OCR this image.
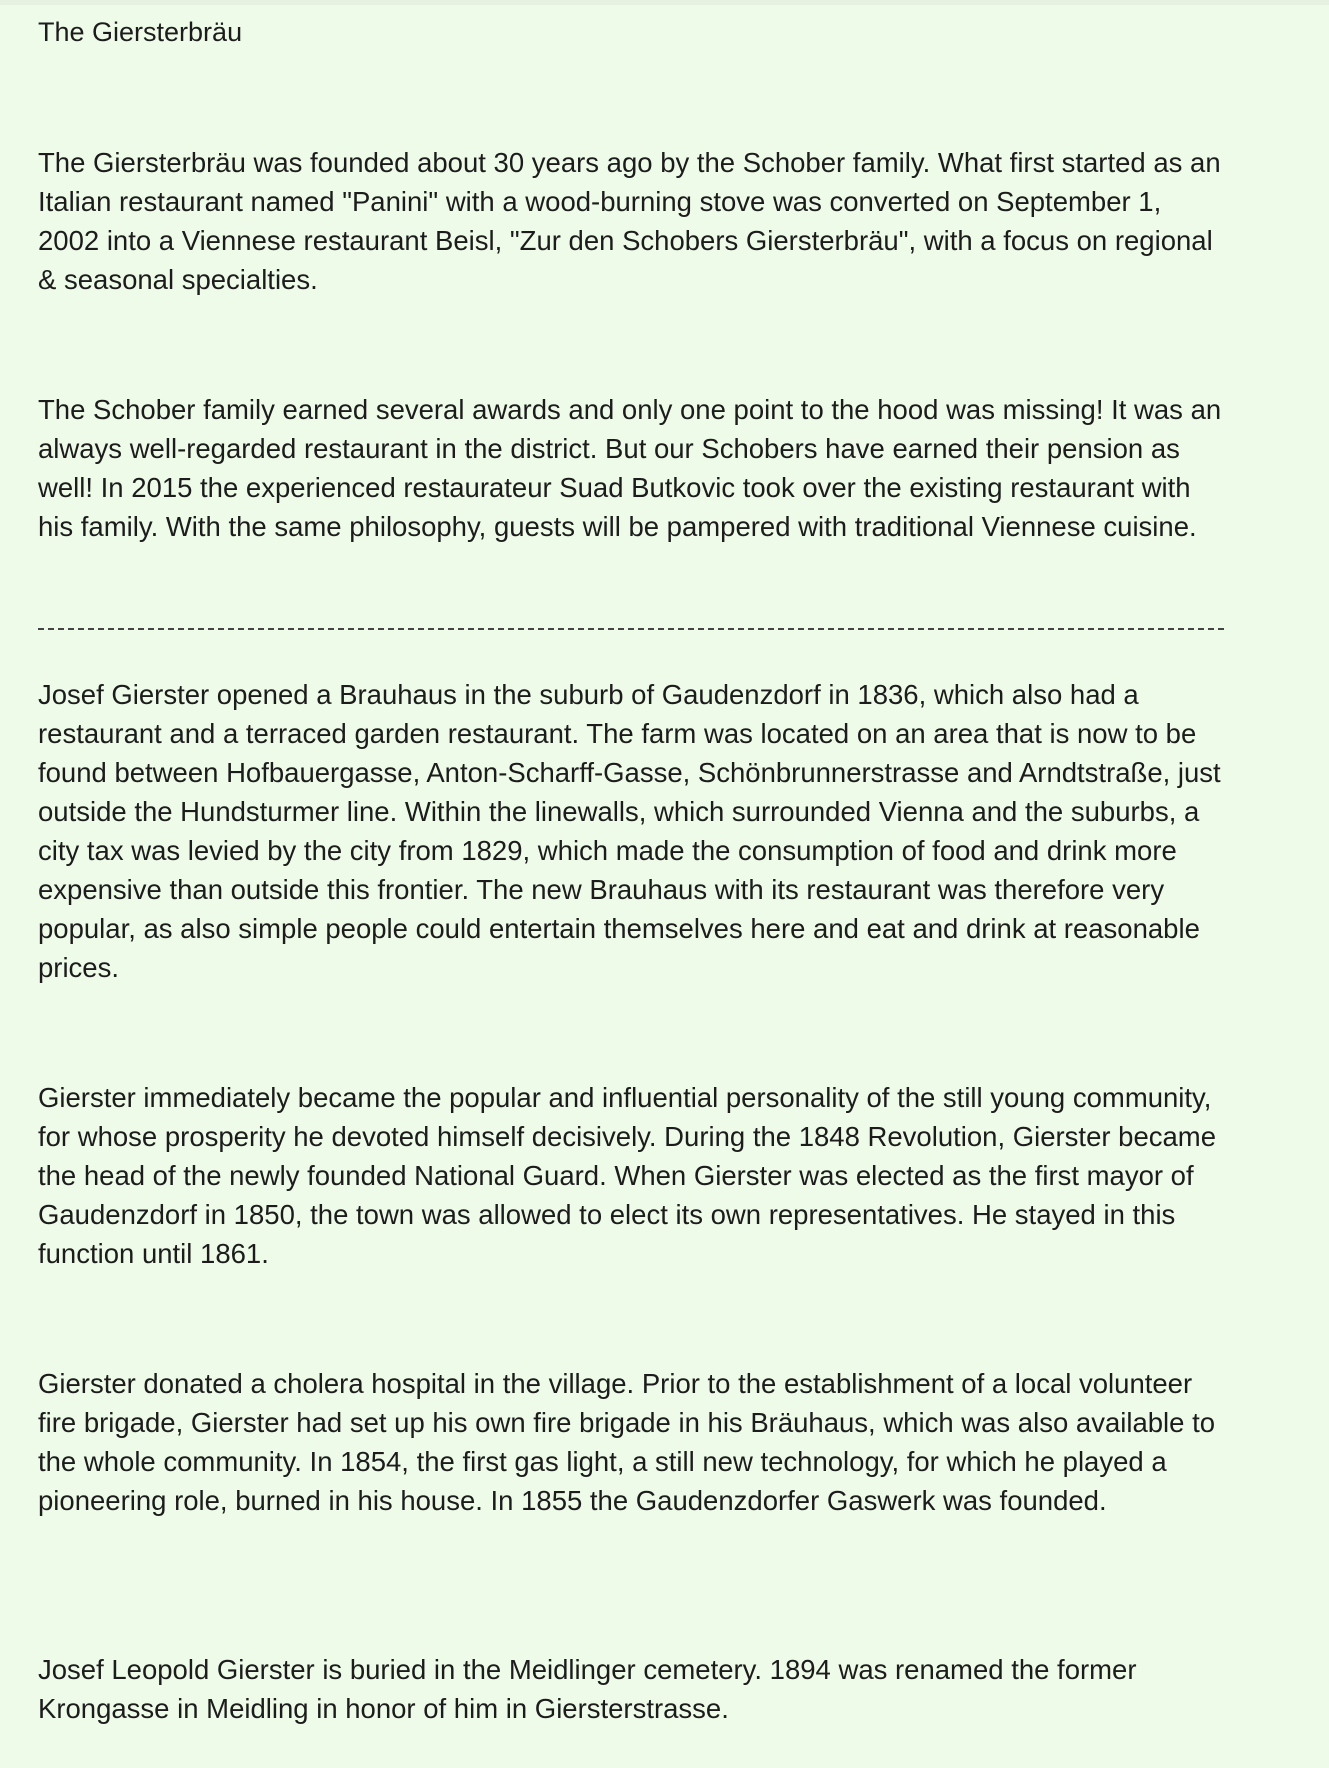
The Giersterbräu

The Giersterbräu was founded about 30 years ago by the Schober family. What first started as an Italian restaurant named "Panini" with a wood-burning stove was converted on September 1, 2002 into a Viennese restaurant Beisl, "Zur den Schobers Giersterbräu", with a focus on regional & seasonal specialties.

The Schober family earned several awards and only one point to the hood was missing! It was an always well-regarded restaurant in the district. But our Schobers have earned their pension as well! In 2015 the experienced restaurateur Suad Butkovic took over the existing restaurant with his family. With the same philosophy, guests will be pampered with traditional Viennese cuisine.

Josef Gierster opened a Brauhaus in the suburb of Gaudenzdorf in 1836, which also had a restaurant and a terraced garden restaurant. The farm was located on an area that is now to be found between Hofbauergasse, Anton-Scharff-Gasse, Schönbrunnerstrasse and Arndtstraße, just outside the Hundsturmer line. Within the linewalls, which surrounded Vienna and the suburbs, a city tax was levied by the city from 1829, which made the consumption of food and drink more expensive than outside this frontier. The new Brauhaus with its restaurant was therefore very popular, as also simple people could entertain themselves here and eat and drink at reasonable prices.

Gierster immediately became the popular and influential personality of the still young community, for whose prosperity he devoted himself decisively. During the 1848 Revolution, Gierster became the head of the newly founded National Guard. When Gierster was elected as the first mayor of Gaudenzdorf in 1850, the town was allowed to elect its own representatives. He stayed in this function until 1861.

Gierster donated a cholera hospital in the village. Prior to the establishment of a local volunteer fire brigade, Gierster had set up his own fire brigade in his Bräuhaus, which was also available to the whole community. In 1854, the first gas light, a still new technology, for which he played a pioneering role, burned in his house. In 1855 the Gaudenzdorfer Gaswerk was founded.

Josef Leopold Gierster is buried in the Meidlinger cemetery. 1894 was renamed the former Krongasse in Meidling in honor of him in Giersterstrasse.
